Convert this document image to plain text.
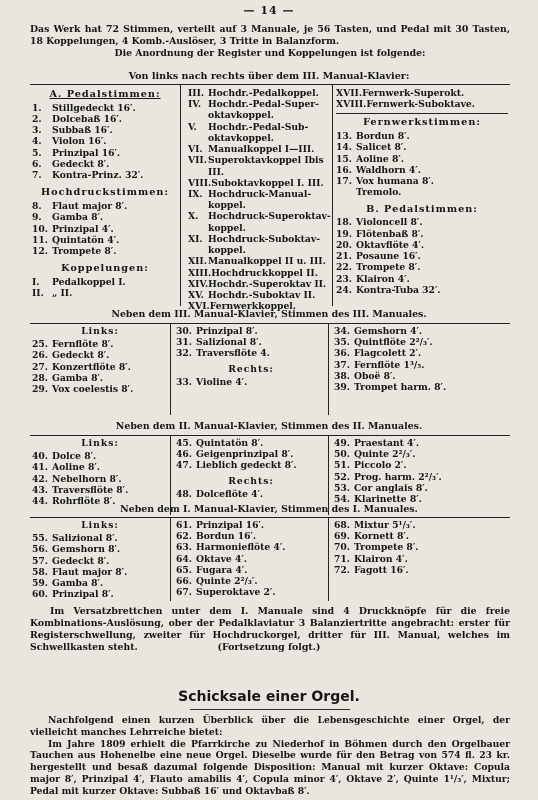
— 14 —

Das Werk hat 72 Stimmen, verteilt auf 3 Manuale, je 56 Tasten, und Pedal mit 30 Tasten, 18 Koppelungen, 4 Komb.-Auslöser, 3 Tritte in Balanzform.

Die Anordnung der Register und Koppelungen ist folgende:

Von links nach rechts über dem III. Manual-Klavier:
A. Pedalstimmen:
1. Stillgedeckt 16′.
2. Dolcebaß 16′.
3. Subbaß 16′.
4. Violon 16′.
5. Prinzipal 16′.
6. Gedeckt 8′.
7. Kontra-Prinz. 32′.
Hochdruckstimmen:
8. Flaut major 8′.
9. Gamba 8′.
10. Prinzipal 4′.
11. Quintatön 4′.
12. Trompete 8′.
Koppelungen:
I. Pedalkoppel I.
II. „ II.
III. Hochdr.-Pedalkoppel.
IV. Hochdr.-Pedal-Super-
oktavkoppel.
V. Hochdr.-Pedal-Sub-
oktavkoppel.
VI. Manualkoppel I—III.
VII.Superoktavkoppel Ibis
III.
VIII.Suboktavkoppel I. III.
IX. Hochdruck-Manual-
koppel.
X. Hochdruck-Superoktav-
koppel.
XI. Hochdruck-Suboktav-
koppel.
XII.Manualkoppel II u. III.
XIII.Hochdruckkoppel II.
XIV.Hochdr.-Superoktav II.
XV. Hochdr.-Suboktav II.
XVI.Fernwerkkoppel.
XVII.Fernwerk-Superokt.
XVIII.Fernwerk-Suboktave.
Fernwerkstimmen:
13. Bordun 8′.
14. Salicet 8′.
15. Aoline 8′.
16. Waldhorn 4′.
17. Vox humana 8′.
Tremolo.
B. Pedalstimmen:
18. Violoncell 8′.
19. Flötenbaß 8′.
20. Oktavflöte 4′.
21. Posaune 16′.
22. Trompete 8′.
23. Klairon 4′.
24. Kontra-Tuba 32′.
Neben dem III. Manual-Klavier, Stimmen des III. Manuales.
Links:
25. Fernflöte 8′.
26. Gedeckt 8′.
27. Konzertflöte 8′.
28. Gamba 8′.
29. Vox coelestis 8′.
30. Prinzipal 8′.
31. Salizional 8′.
32. Traversflöte 4.
Rechts:
33. Violine 4′.
34. Gemshorn 4′.
35. Quintflöte 2²/₃′.
36. Flagcolett 2′.
37. Fernflöte 1³/₅.
38. Oboë 8′.
39. Trompet harm. 8′.
Neben dem II. Manual-Klavier, Stimmen des II. Manuales.
Links:
40. Dolce 8′.
41. Aoline 8′.
42. Nebelhorn 8′.
43. Traversflöte 8′.
44. Rohrflöte 8′.
45. Quintatön 8′.
46. Geigenprinzipal 8′.
47. Lieblich gedeckt 8′.
Rechts:
48. Dolceflöte 4′.
49. Praestant 4′.
50. Quinte 2²/₃′.
51. Piccolo 2′.
52. Prog. harm. 2²/₃′.
53. Cor anglais 8′.
54. Klarinette 8′.
Neben dem I. Manual-Klavier, Stimmen des I. Manuales.
Links:
55. Salizional 8′.
56. Gemshorn 8′.
57. Gedeckt 8′.
58. Flaut major 8′.
59. Gamba 8′.
60. Prinzipal 8′.
61. Prinzipal 16′.
62. Bordun 16′.
63. Harmonieflöte 4′.
64. Oktave 4′.
65. Fugara 4′.
66. Quinte 2²/₃′.
67. Superoktave 2′.
68. Mixtur 5¹/₃′.
69. Kornett 8′.
70. Trompete 8′.
71. Klairon 4′.
72. Fagott 16′.

Im Versatzbrettchen unter dem I. Manuale sind 4 Druckknöpfe für die freie Kombinations-Auslösung, ober der Pedalklaviatur 3 Balanziertritte angebracht: erster für Registerschwellung, zweiter für Hochdruckorgel, dritter für III. Manual, welches im Schwellkasten steht.	(Fortsetzung folgt.)
Schicksale einer Orgel.

Nachfolgend einen kurzen Überblick über die Lebensgeschichte einer Orgel, der vielleicht manches Lehrreiche bietet:

Im Jahre 1809 erhielt die Pfarrkirche zu Niederhof in Böhmen durch den Orgelbauer Tauchen aus Hohenelbe eine neue Orgel. Dieselbe wurde für den Betrag von 574 fl. 23 kr. hergestellt und besaß dazumal folgende Disposition: Manual mit kurzer Oktave: Copula major 8′, Prinzipal 4′, Flauto amabilis 4′, Copula minor 4′, Oktave 2′, Quinte 1¹/₃′, Mixtur; Pedal mit kurzer Oktave: Subbaß 16′ und Oktavbaß 8′.
